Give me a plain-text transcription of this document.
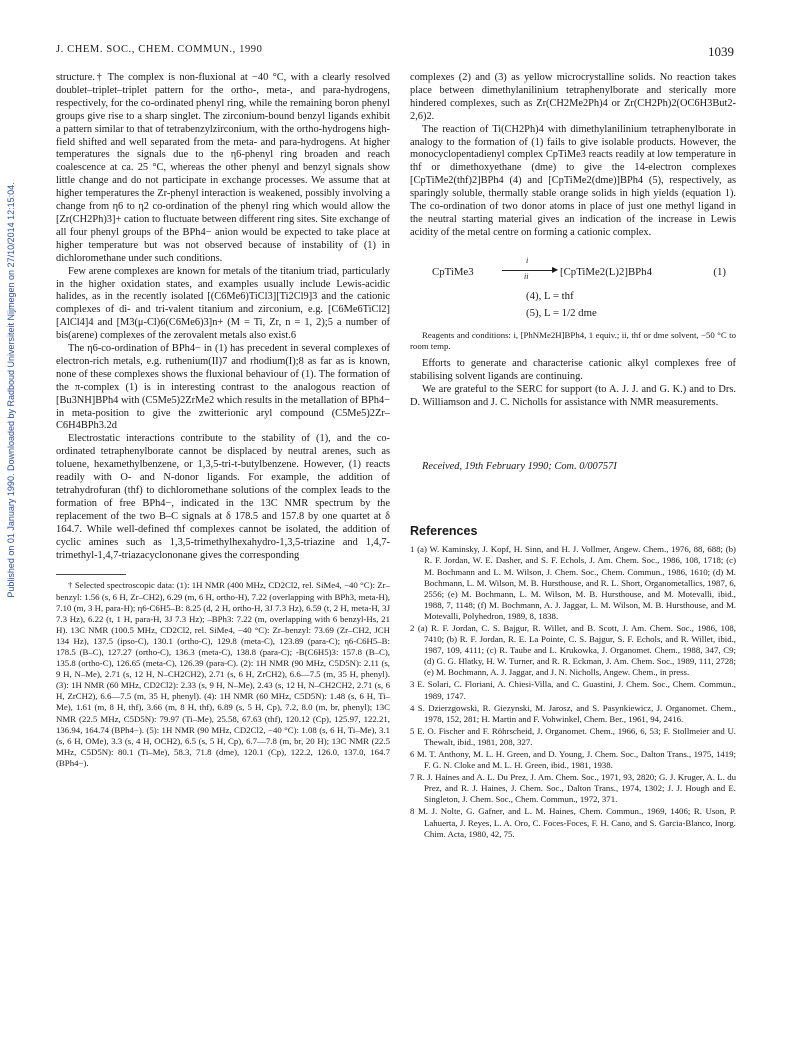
Published on 01 January 1990. Downloaded by Radboud Universiteit Nijmegen on 27/10/2014 12:15:04.
J. CHEM. SOC., CHEM. COMMUN., 1990	1039

structure.† The complex is non-fluxional at −40 °C, with a clearly resolved doublet–triplet–triplet pattern for the ortho-, meta-, and para-hydrogens, respectively, for the co-ordinated phenyl ring, while the remaining boron phenyl groups give rise to a sharp singlet. The zirconium-bound benzyl ligands exhibit a pattern similar to that of tetrabenzylzirconium, with the ortho-hydrogens high-field shifted and well separated from the meta- and para-hydrogens. At higher temperatures the signals due to the η6-phenyl ring broaden and reach coalescence at ca. 25 °C, whereas the other phenyl and benzyl signals show little change and do not participate in exchange processes. We assume that at higher temperatures the Zr-phenyl interaction is weakened, possibly involving a change from η6 to η2 co-ordination of the phenyl ring which would allow the [Zr(CH2Ph)3]+ cation to fluctuate between different ring sites. Site exchange of all four phenyl groups of the BPh4− anion would be expected to take place at higher temperature but was not observed because of instability of (1) in dichloromethane under such conditions.

Few arene complexes are known for metals of the titanium triad, particularly in the higher oxidation states, and examples usually include Lewis-acidic halides, as in the recently isolated [(C6Me6)TiCl3][Ti2Cl9]3 and the cationic complexes of di- and tri-valent titanium and zirconium, e.g. [C6Me6TiCl2][AlCl4]4 and [M3(μ-Cl)6(C6Me6)3]n+ (M = Ti, Zr, n = 1, 2);5 a number of bis(arene) complexes of the zerovalent metals also exist.6

The η6-co-ordination of BPh4− in (1) has precedent in several complexes of electron-rich metals, e.g. ruthenium(II)7 and rhodium(I);8 as far as is known, none of these complexes shows the fluxional behaviour of (1). The formation of the π-complex (1) is in interesting contrast to the analogous reaction of [Bu3NH]BPh4 with (C5Me5)2ZrMe2 which results in the metallation of BPh4− in meta-position to give the zwitterionic aryl compound (C5Me5)2Zr–C6H4BPh3.2d

Electrostatic interactions contribute to the stability of (1), and the co-ordinated tetraphenylborate cannot be displaced by neutral arenes, such as toluene, hexamethylbenzene, or 1,3,5-tri-t-butylbenzene. However, (1) reacts readily with O- and N-donor ligands. For example, the addition of tetrahydrofuran (thf) to dichloromethane solutions of the complex leads to the formation of free BPh4−, indicated in the 13C NMR spectrum by the replacement of the two B–C signals at δ 178.5 and 157.8 by one quartet at δ 164.7. While well-defined thf complexes cannot be isolated, the addition of cyclic amines such as 1,3,5-trimethylhexahydro-1,3,5-triazine and 1,4,7-trimethyl-1,4,7-triazacyclononane gives the corresponding

† Selected spectroscopic data: (1): 1H NMR (400 MHz, CD2Cl2, rel. SiMe4, −40 °C): Zr–benzyl: 1.56 (s, 6 H, Zr–CH2), 6.29 (m, 6 H, ortho-H), 7.22 (overlapping with BPh3, meta-H), 7.10 (m, 3 H, para-H); η6-C6H5–B: 8.25 (d, 2 H, ortho-H, 3J 7.3 Hz), 6.59 (t, 2 H, meta-H, 3J 7.3 Hz), 6.22 (t, 1 H, para-H, 3J 7.3 Hz); –BPh3: 7.22 (m, overlapping with 6 benzyl-Hs, 21 H). 13C NMR (100.5 MHz, CD2Cl2, rel. SiMe4, −40 °C): Zr–benzyl: 73.69 (Zr–CH2, JCH 134 Hz), 137.5 (ipso-C), 130.1 (ortho-C), 129.8 (meta-C), 123.89 (para-C); η6-C6H5–B: 178.5 (B–C), 127.27 (ortho-C), 136.3 (meta-C), 138.8 (para-C); -B(C6H5)3: 157.8 (B–C), 135.8 (ortho-C), 126.65 (meta-C), 126.39 (para-C). (2): 1H NMR (90 MHz, C5D5N): 2.11 (s, 9 H, N–Me), 2.71 (s, 12 H, N–CH2CH2), 2.71 (s, 6 H, ZrCH2), 6.6—7.5 (m, 35 H, phenyl). (3): 1H NMR (60 MHz, CD2Cl2): 2.33 (s, 9 H, N–Me), 2.43 (s, 12 H, N–CH2CH2, 2.71 (s, 6 H, ZrCH2), 6.6—7.5 (m, 35 H, phenyl). (4): 1H NMR (60 MHz, C5D5N): 1.48 (s, 6 H, Ti–Me), 1.61 (m, 8 H, thf), 3.66 (m, 8 H, thf), 6.89 (s, 5 H, Cp), 7.2, 8.0 (m, br, phenyl); 13C NMR (22.5 MHz, C5D5N): 79.97 (Ti–Me), 25.58, 67.63 (thf), 120.12 (Cp), 125.97, 122.21, 136.94, 164.74 (BPh4−). (5): 1H NMR (90 MHz, CD2Cl2, −40 °C): 1.08 (s, 6 H, Ti–Me), 3.1 (s, 6 H, OMe), 3.3 (s, 4 H, OCH2), 6.5 (s, 5 H, Cp), 6.7—7.8 (m, br, 20 H); 13C NMR (22.5 MHz, C5D5N): 80.1 (Ti–Me), 58.3, 71.8 (dme), 120.1 (Cp), 122.2, 126.0, 137.0, 164.7 (BPh4−).

complexes (2) and (3) as yellow microcrystalline solids. No reaction takes place between dimethylanilinium tetraphenylborate and sterically more hindered complexes, such as Zr(CH2Me2Ph)4 or Zr(CH2Ph)2(OC6H3But2-2,6)2.

The reaction of Ti(CH2Ph)4 with dimethylanilinium tetraphenylborate in analogy to the formation of (1) fails to give isolable products. However, the monocyclopentadienyl complex CpTiMe3 reacts readily at low temperature in thf or dimethoxyethane (dme) to give the 14-electron complexes [CpTiMe2(thf)2]BPh4 (4) and [CpTiMe2(dme)]BPh4 (5), respectively, as sparingly soluble, thermally stable orange solids in high yields (equation 1). The co-ordination of two donor atoms in place of just one methyl ligand in the neutral starting material gives an indication of the increase in Lewis acidity of the metal centre on forming a cationic complex.

CpTiMe3
i
▶
ii	[CpTiMe2(L)2]BPh4	(1)
(4), L = thf
(5), L = 1/2 dme

Reagents and conditions: i, [PhNMe2H]BPh4, 1 equiv.; ii, thf or dme solvent, −50 °C to room temp.

Efforts to generate and characterise cationic alkyl complexes free of stabilising solvent ligands are continuing.

We are grateful to the SERC for support (to A. J. J. and G. K.) and to Drs. D. Williamson and J. C. Nicholls for assistance with NMR measurements.

Received, 19th February 1990; Com. 0/00757I

References

1 (a) W. Kaminsky, J. Kopf, H. Sinn, and H. J. Vollmer, Angew. Chem., 1976, 88, 688; (b) R. F. Jordan, W. E. Dasher, and S. F. Echols, J. Am. Chem. Soc., 1986, 108, 1718; (c) M. Bochmann and L. M. Wilson, J. Chem. Soc., Chem. Commun., 1986, 1610; (d) M. Bochmann, L. M. Wilson, M. B. Hursthouse, and R. L. Short, Organometallics, 1987, 6, 2556; (e) M. Bochmann, L. M. Wilson, M. B. Hursthouse, and M. Motevalli, ibid., 1988, 7, 1148; (f) M. Bochmann, A. J. Jaggar, L. M. Wilson, M. B. Hursthouse, and M. Motevalli, Polyhedron, 1989, 8, 1838.

2 (a) R. F. Jordan, C. S. Bajgur, R. Willet, and B. Scott, J. Am. Chem. Soc., 1986, 108, 7410; (b) R. F. Jordan, R. E. La Pointe, C. S. Bajgur, S. F. Echols, and R. Willet, ibid., 1987, 109, 4111; (c) R. Taube and L. Krukowka, J. Organomet. Chem., 1988, 347, C9; (d) G. G. Hlatky, H. W. Turner, and R. R. Eckman, J. Am. Chem. Soc., 1989, 111, 2728; (e) M. Bochmann, A. J. Jaggar, and J. N. Nicholls, Angew. Chem., in press.

3 E. Solari, C. Floriani, A. Chiesi-Villa, and C. Guastini, J. Chem. Soc., Chem. Commun., 1989, 1747.

4 S. Dzierzgowski, R. Giezynski, M. Jarosz, and S. Pasynkiewicz, J. Organomet. Chem., 1978, 152, 281; H. Martin and F. Vohwinkel, Chem. Ber., 1961, 94, 2416.

5 E. O. Fischer and F. Röhrscheid, J. Organomet. Chem., 1966, 6, 53; F. Stollmeier and U. Thewalt, ibid., 1981, 208, 327.

6 M. T. Anthony, M. L. H. Green, and D. Young, J. Chem. Soc., Dalton Trans., 1975, 1419; F. G. N. Cloke and M. L. H. Green, ibid., 1981, 1938.

7 R. J. Haines and A. L. Du Prez, J. Am. Chem. Soc., 1971, 93, 2820; G. J. Kruger, A. L. du Prez, and R. J. Haines, J. Chem. Soc., Dalton Trans., 1974, 1302; J. J. Hough and E. Singleton, J. Chem. Soc., Chem. Commun., 1972, 371.

8 M. J. Nolte, G. Gafner, and L. M. Haines, Chem. Commun., 1969, 1406; R. Uson, P. Lahuerta, J. Reyes, L. A. Oro, C. Foces-Foces, F. H. Cano, and S. Garcia-Blanco, Inorg. Chim. Acta, 1980, 42, 75.
